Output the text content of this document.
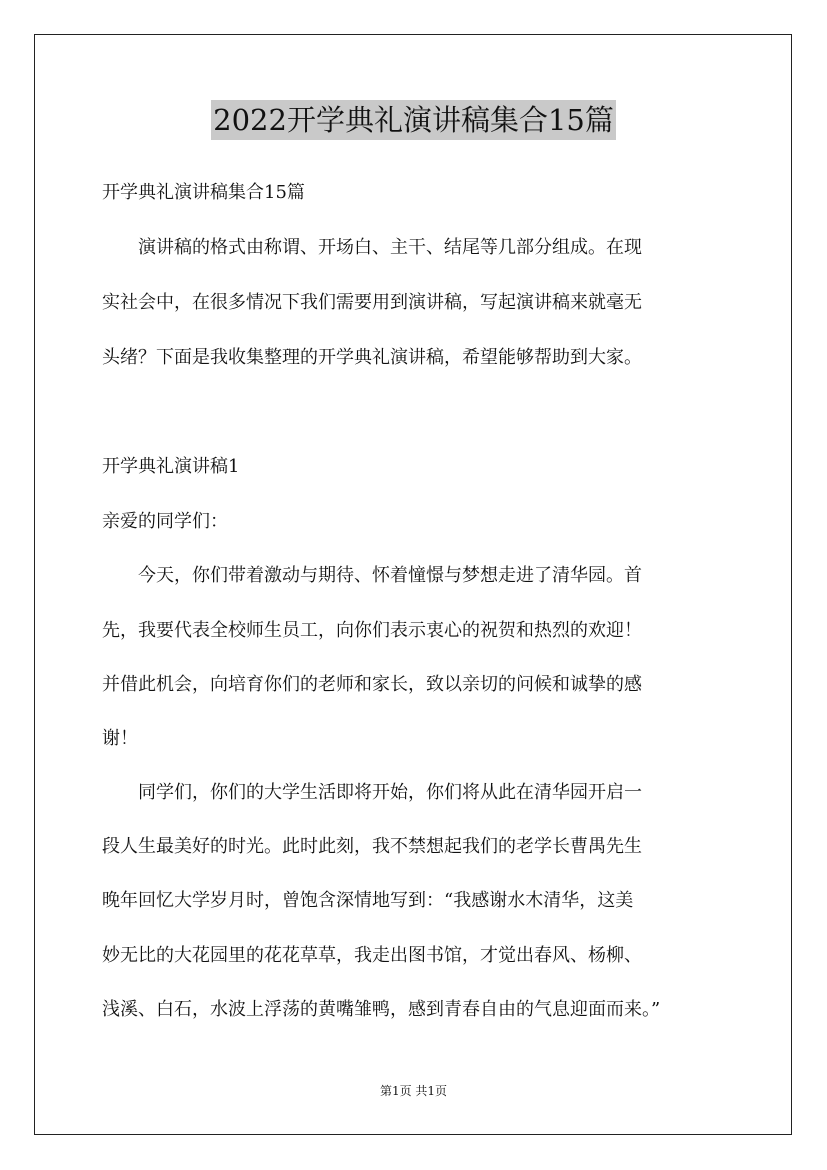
2022开学典礼演讲稿集合15篇
开学典礼演讲稿集合15篇
　　演讲稿的格式由称谓、开场白、主干、结尾等几部分组成。在现
实社会中，在很多情况下我们需要用到演讲稿，写起演讲稿来就毫无
头绪？下面是我收集整理的开学典礼演讲稿，希望能够帮助到大家。
开学典礼演讲稿1
亲爱的同学们：
　　今天，你们带着激动与期待、怀着憧憬与梦想走进了清华园。首
先，我要代表全校师生员工，向你们表示衷心的祝贺和热烈的欢迎！
并借此机会，向培育你们的老师和家长，致以亲切的问候和诚挚的感
谢！
　　同学们，你们的大学生活即将开始，你们将从此在清华园开启一
段人生最美好的时光。此时此刻，我不禁想起我们的老学长曹禺先生
晚年回忆大学岁月时，曾饱含深情地写到：“我感谢水木清华，这美
妙无比的大花园里的花花草草，我走出图书馆，才觉出春风、杨柳、
浅溪、白石，水波上浮荡的黄嘴雏鸭，感到青春自由的气息迎面而来。”
第1页 共1页
